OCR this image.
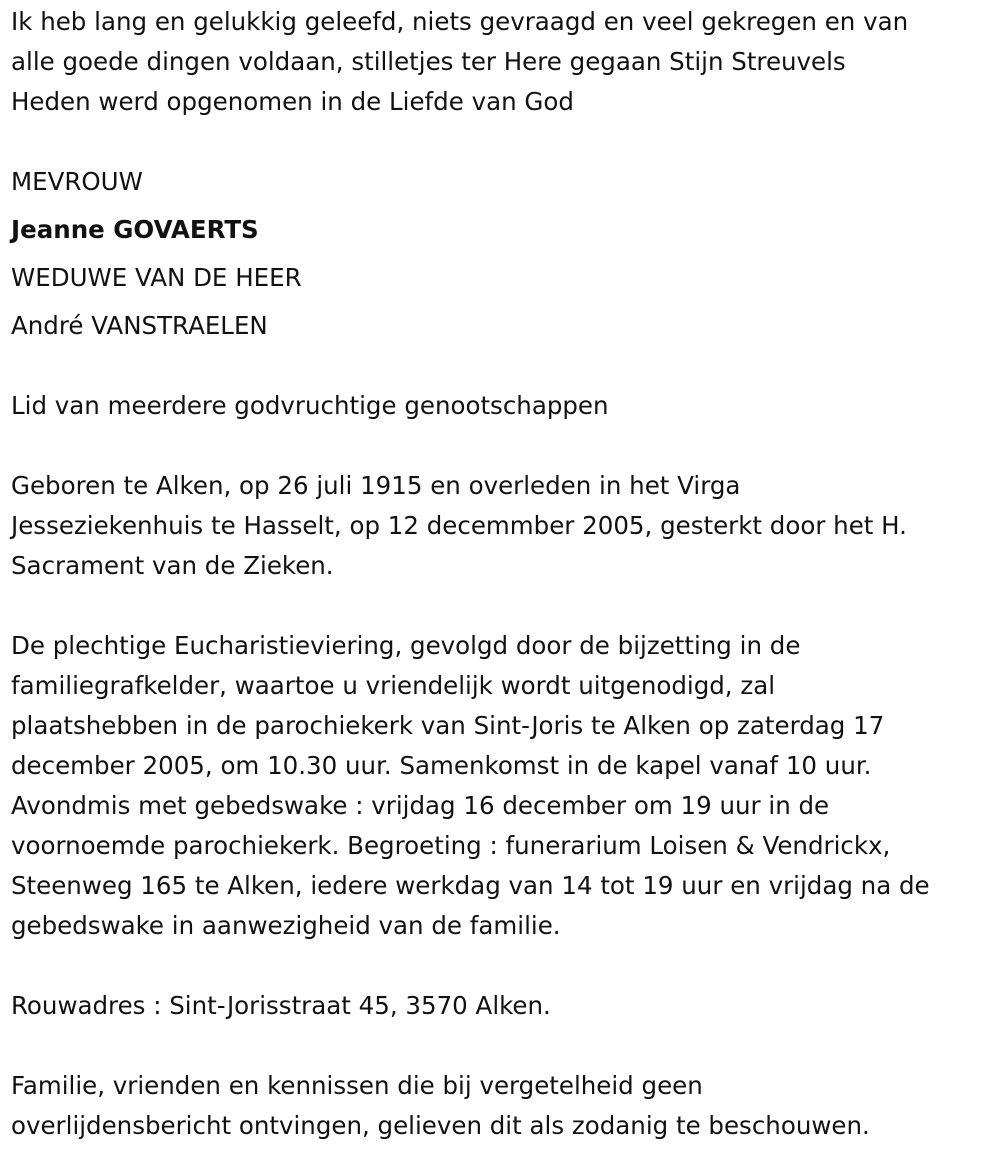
Ik heb lang en gelukkig geleefd, niets gevraagd en veel gekregen en van

alle goede dingen voldaan, stilletjes ter Here gegaan Stijn Streuvels

Heden werd opgenomen in de Liefde van God

MEVROUW

Jeanne GOVAERTS

WEDUWE VAN DE HEER

André VANSTRAELEN

Lid van meerdere godvruchtige genootschappen

Geboren te Alken, op 26 juli 1915 en overleden in het Virga

Jesseziekenhuis te Hasselt, op 12 decemmber 2005, gesterkt door het H.

Sacrament van de Zieken.

De plechtige Eucharistieviering, gevolgd door de bijzetting in de

familiegrafkelder, waartoe u vriendelijk wordt uitgenodigd, zal

plaatshebben in de parochiekerk van Sint-Joris te Alken op zaterdag 17

december 2005, om 10.30 uur. Samenkomst in de kapel vanaf 10 uur.

Avondmis met gebedswake : vrijdag 16 december om 19 uur in de

voornoemde parochiekerk. Begroeting : funerarium Loisen & Vendrickx,

Steenweg 165 te Alken, iedere werkdag van 14 tot 19 uur en vrijdag na de

gebedswake in aanwezigheid van de familie.

Rouwadres : Sint-Jorisstraat 45, 3570 Alken.

Familie, vrienden en kennissen die bij vergetelheid geen

overlijdensbericht ontvingen, gelieven dit als zodanig te beschouwen.
